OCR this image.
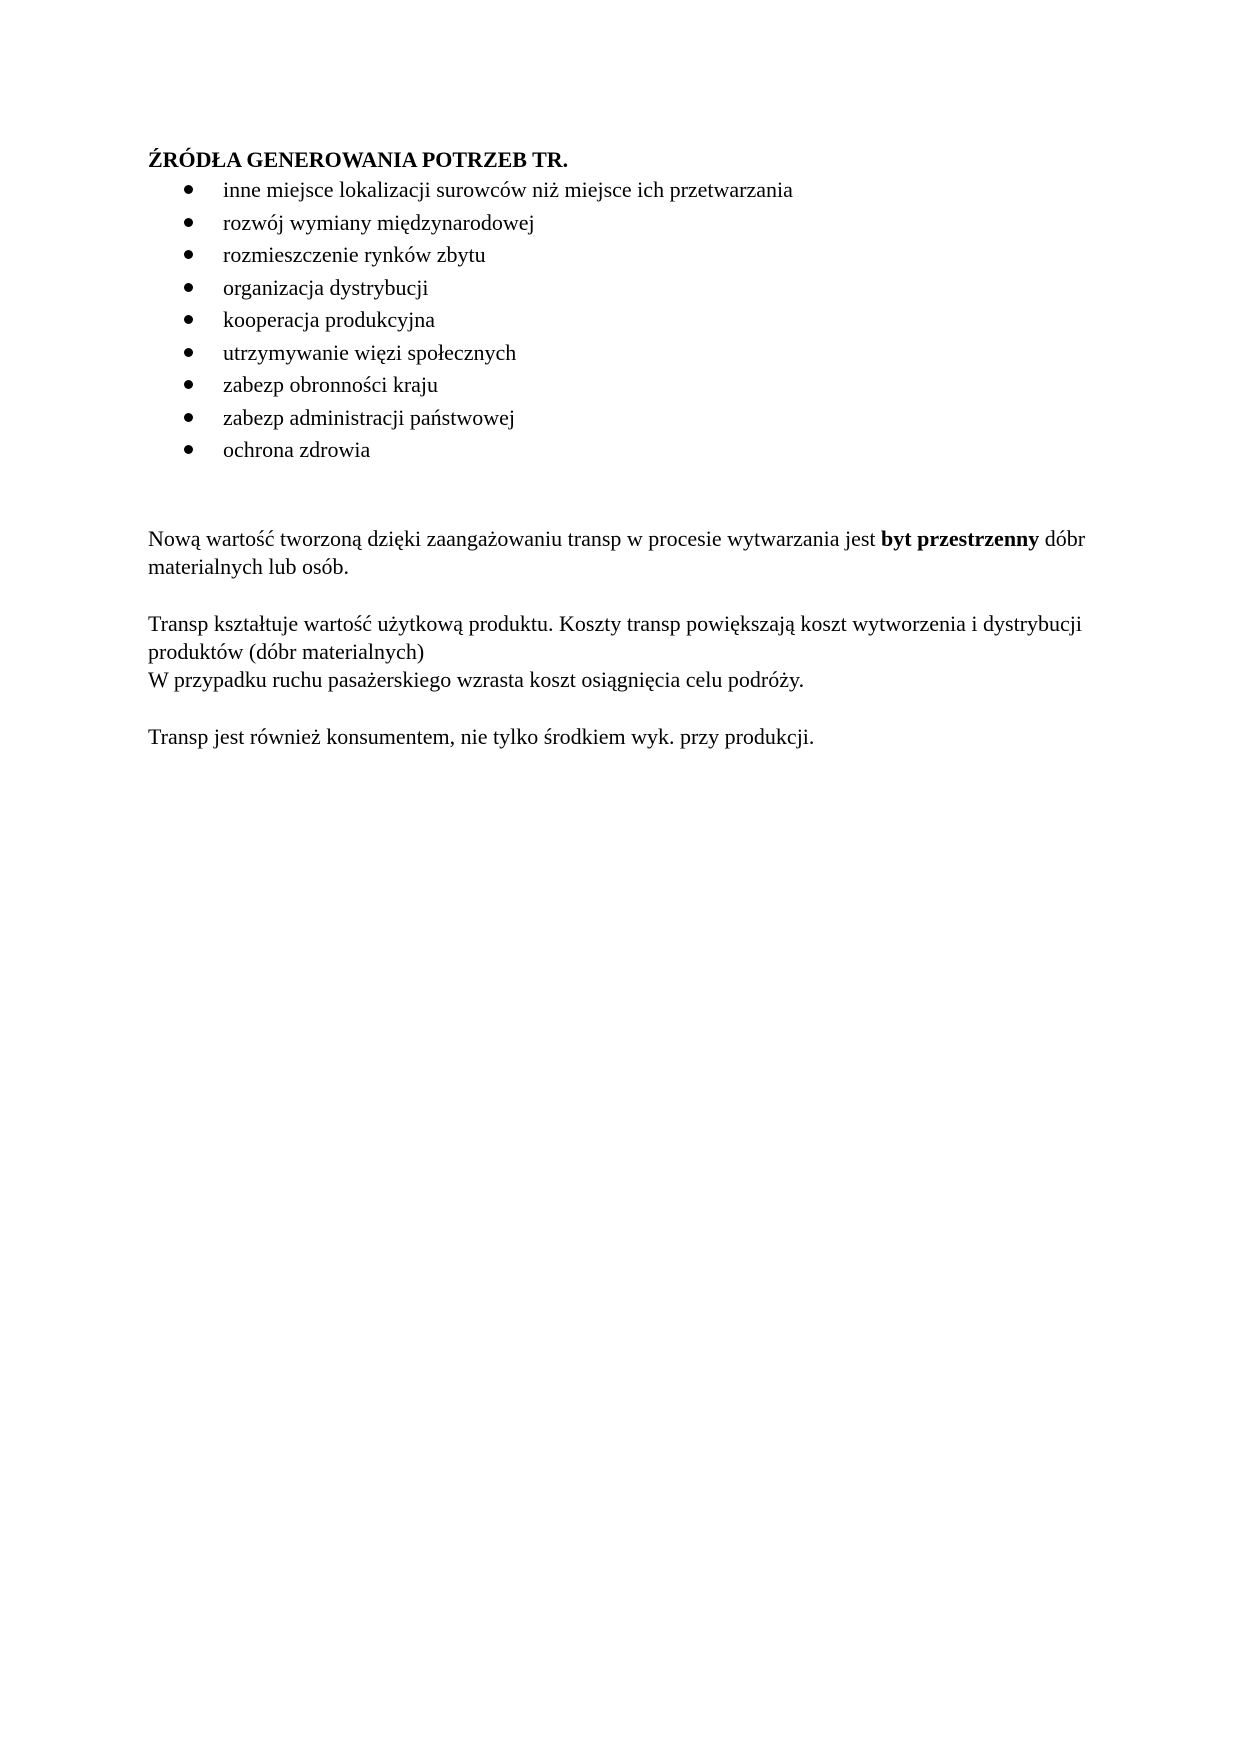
ŹRÓDŁA GENEROWANIA POTRZEB TR.

inne miejsce lokalizacji surowców niż miejsce ich przetwarzania
rozwój wymiany międzynarodowej
rozmieszczenie rynków zbytu
organizacja dystrybucji
kooperacja produkcyjna
utrzymywanie więzi społecznych
zabezp obronności kraju
zabezp administracji państwowej
ochrona zdrowia

Nową wartość tworzoną dzięki zaangażowaniu transp w procesie wytwarzania jest byt przestrzenny dóbr materialnych lub osób.

Transp kształtuje wartość użytkową produktu. Koszty transp powiększają koszt wytworzenia i dystrybucji produktów (dóbr materialnych)

W przypadku ruchu pasażerskiego wzrasta koszt osiągnięcia celu podróży.

Transp jest również konsumentem, nie tylko środkiem wyk. przy produkcji.
